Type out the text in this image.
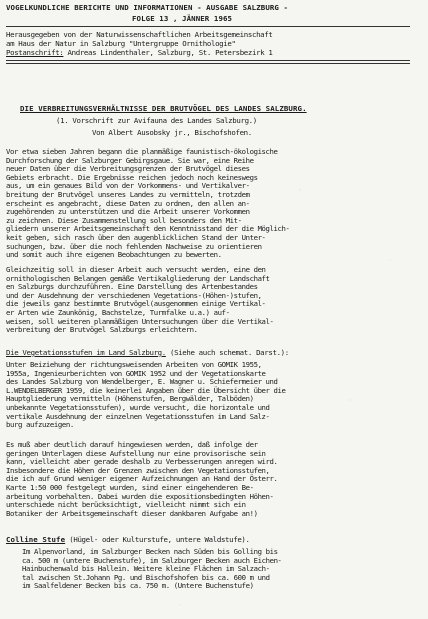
VOGELKUNDLICHE BERICHTE UND INFORMATIONEN - AUSGABE SALZBURG -
FOLGE 13 , JÄNNER 1965
Herausgegeben von der Naturwissenschaftlichen Arbeitsgemeinschaft
am Haus der Natur in Salzburg "Untergruppe Ornithologie"
Postanschrift: Andreas Lindenthaler, Salzburg, St. Petersbezirk 1
DIE VERBREITUNGSVERHÄLTNISSE DER BRUTVÖGEL DES LANDES SALZBURG.
(1. Vorschrift zur Avifauna des Landes Salzburg.)
Von Albert Ausobsky jr., Bischofshofen.
Vor etwa sieben Jahren begann die planmäßige faunistisch-ökologische
Durchforschung der Salzburger Gebirgsgaue. Sie war, eine Reihe
neuer Daten über die Verbreitungsgrenzen der Brutvögel dieses
Gebiets erbracht. Die Ergebnisse reichen jedoch noch keineswegs
aus, um ein genaues Bild von der Vorkommens- und Vertikalver-
breitung der Brutvögel unseres Landes zu vermitteln, trotzdem
erscheint es angebracht, diese Daten zu ordnen, den allen an-
zugehörenden zu unterstützen und die Arbeit unserer Vorkommen
zu zeichnen. Diese Zusammenstellung soll besonders den Mit-
gliedern unserer Arbeitsgemeinschaft den Kenntnisstand der die Möglich-
keit geben, sich rasch über den augenblicklichen Stand der Unter-
suchungen, bzw. über die noch fehlenden Nachweise zu orientieren
und somit auch ihre eigenen Beobachtungen zu bewerten.
Gleichzeitig soll in dieser Arbeit auch versucht werden, eine den
ornithologischen Belangen gemäße Vertikalgliederung der Landschaft
en Salzburgs durchzuführen. Eine Darstellung des Artenbestandes
und der Ausdehnung der verschiedenen Vegetations-(Höhen-)stufen,
die jeweils ganz bestimmte Brutvögel(ausgenommen einige Vertikal-
er Arten wie Zaunkönig, Bachstelze, Turmfalke u.a.) auf-
weisen, soll weiteren planmäßigen Untersuchungen über die Vertikal-
verbreitung der Brutvögel Salzburgs erleichtern.
Die Vegetationsstufen im Land Salzburg. (Siehe auch schemat. Darst.):
Unter Beiziehung der richtungsweisenden Arbeiten von GOMIK 1955,
1955a, Ingenieurberichten von GOMIK 1952 und der Vegetationskarte
des Landes Salzburg von Wendelberger, E. Wagner u. Schiefermeier und
L.WENDELBERGER 1959, die keinerlei Angaben über die Übersicht über die
Hauptgliederung vermitteln (Höhenstufen, Bergwälder, Talböden)
unbekannte Vegetationsstufen), wurde versucht, die horizontale und
vertikale Ausdehnung der einzelnen Vegetationsstufen im Land Salz-
burg aufzuzeigen.
Es muß aber deutlich darauf hingewiesen werden, daß infolge der
geringen Unterlagen diese Aufstellung nur eine provisorische sein
kann, vielleicht aber gerade deshalb zu Verbesserungen anregen wird.
Insbesondere die Höhen der Grenzen zwischen den Vegetationsstufen,
die ich auf Grund weniger eigener Aufzeichnungen an Hand der Österr.
Karte 1:50 000 festgelegt wurden, sind einer eingehenderen Be-
arbeitung vorbehalten. Dabei wurden die expositionsbedingten Höhen-
unterschiede nicht berücksichtigt, vielleicht nimmt sich ein
Botaniker der Arbeitsgemeinschaft dieser dankbaren Aufgabe an!)
Colline Stufe (Hügel- oder Kulturstufe, untere Waldstufe).
Im Alpenvorland, im Salzburger Becken nach Süden bis Golling bis
ca. 500 m (untere Buchenstufe), im Salzburger Becken auch Eichen-
Hainbuchenwald bis Hallein. Weitere kleine Flächen im Salzach-
tal zwischen St.Johann Pg. und Bischofshofen bis ca. 600 m und
im Saalfeldener Becken bis ca. 750 m. (Untere Buchenstufe)
